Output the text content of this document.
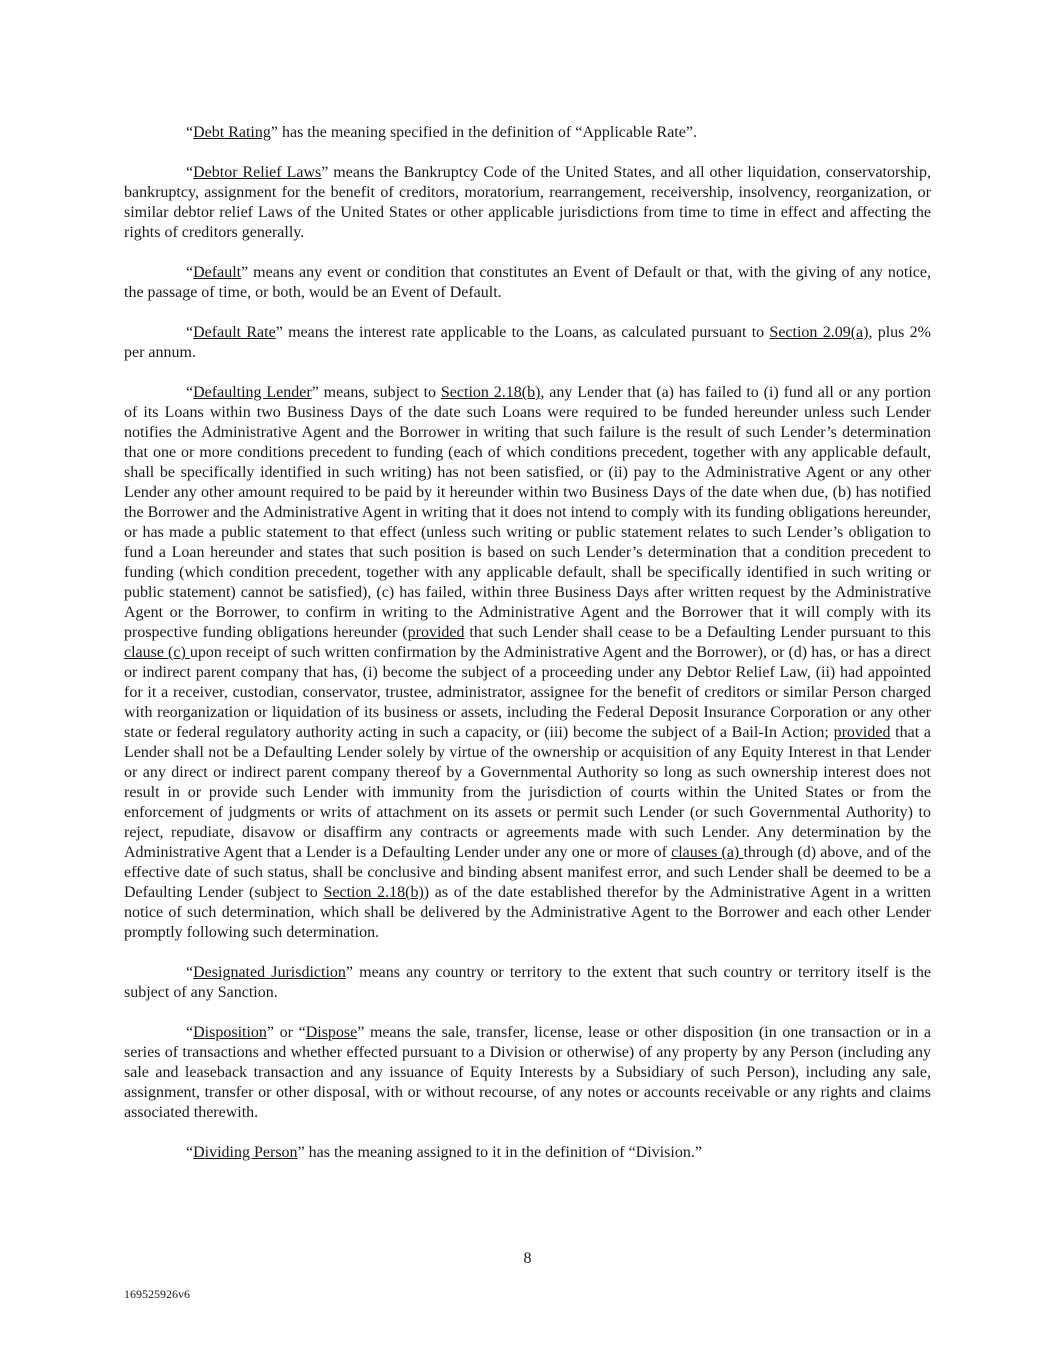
“Debt Rating” has the meaning specified in the definition of “Applicable Rate”.

“Debtor Relief Laws” means the Bankruptcy Code of the United States, and all other liquidation, conservatorship, bankruptcy, assignment for the benefit of creditors, moratorium, rearrangement, receivership, insolvency, reorganization, or similar debtor relief Laws of the United States or other applicable jurisdictions from time to time in effect and affecting the rights of creditors generally.

“Default” means any event or condition that constitutes an Event of Default or that, with the giving of any notice, the passage of time, or both, would be an Event of Default.

“Default Rate” means the interest rate applicable to the Loans, as calculated pursuant to Section 2.09(a), plus 2% per annum.

“Defaulting Lender” means, subject to Section 2.18(b), any Lender that (a) has failed to (i) fund all or any portion of its Loans within two Business Days of the date such Loans were required to be funded hereunder unless such Lender notifies the Administrative Agent and the Borrower in writing that such failure is the result of such Lender’s determination that one or more conditions precedent to funding (each of which conditions precedent, together with any applicable default, shall be specifically identified in such writing) has not been satisfied, or (ii) pay to the Administrative Agent or any other Lender any other amount required to be paid by it hereunder within two Business Days of the date when due, (b) has notified the Borrower and the Administrative Agent in writing that it does not intend to comply with its funding obligations hereunder, or has made a public statement to that effect (unless such writing or public statement relates to such Lender’s obligation to fund a Loan hereunder and states that such position is based on such Lender’s determination that a condition precedent to funding (which condition precedent, together with any applicable default, shall be specifically identified in such writing or public statement) cannot be satisfied), (c) has failed, within three Business Days after written request by the Administrative Agent or the Borrower, to confirm in writing to the Administrative Agent and the Borrower that it will comply with its prospective funding obligations hereunder (provided that such Lender shall cease to be a Defaulting Lender pursuant to this clause (c) upon receipt of such written confirmation by the Administrative Agent and the Borrower), or (d) has, or has a direct or indirect parent company that has, (i) become the subject of a proceeding under any Debtor Relief Law, (ii) had appointed for it a receiver, custodian, conservator, trustee, administrator, assignee for the benefit of creditors or similar Person charged with reorganization or liquidation of its business or assets, including the Federal Deposit Insurance Corporation or any other state or federal regulatory authority acting in such a capacity, or (iii) become the subject of a Bail-In Action; provided that a Lender shall not be a Defaulting Lender solely by virtue of the ownership or acquisition of any Equity Interest in that Lender or any direct or indirect parent company thereof by a Governmental Authority so long as such ownership interest does not result in or provide such Lender with immunity from the jurisdiction of courts within the United States or from the enforcement of judgments or writs of attachment on its assets or permit such Lender (or such Governmental Authority) to reject, repudiate, disavow or disaffirm any contracts or agreements made with such Lender. Any determination by the Administrative Agent that a Lender is a Defaulting Lender under any one or more of clauses (a) through (d) above, and of the effective date of such status, shall be conclusive and binding absent manifest error, and such Lender shall be deemed to be a Defaulting Lender (subject to Section 2.18(b)) as of the date established therefor by the Administrative Agent in a written notice of such determination, which shall be delivered by the Administrative Agent to the Borrower and each other Lender promptly following such determination.

“Designated Jurisdiction” means any country or territory to the extent that such country or territory itself is the subject of any Sanction.

“Disposition” or “Dispose” means the sale, transfer, license, lease or other disposition (in one transaction or in a series of transactions and whether effected pursuant to a Division or otherwise) of any property by any Person (including any sale and leaseback transaction and any issuance of Equity Interests by a Subsidiary of such Person), including any sale, assignment, transfer or other disposal, with or without recourse, of any notes or accounts receivable or any rights and claims associated therewith.

“Dividing Person” has the meaning assigned to it in the definition of “Division.”

8
169525926v6
